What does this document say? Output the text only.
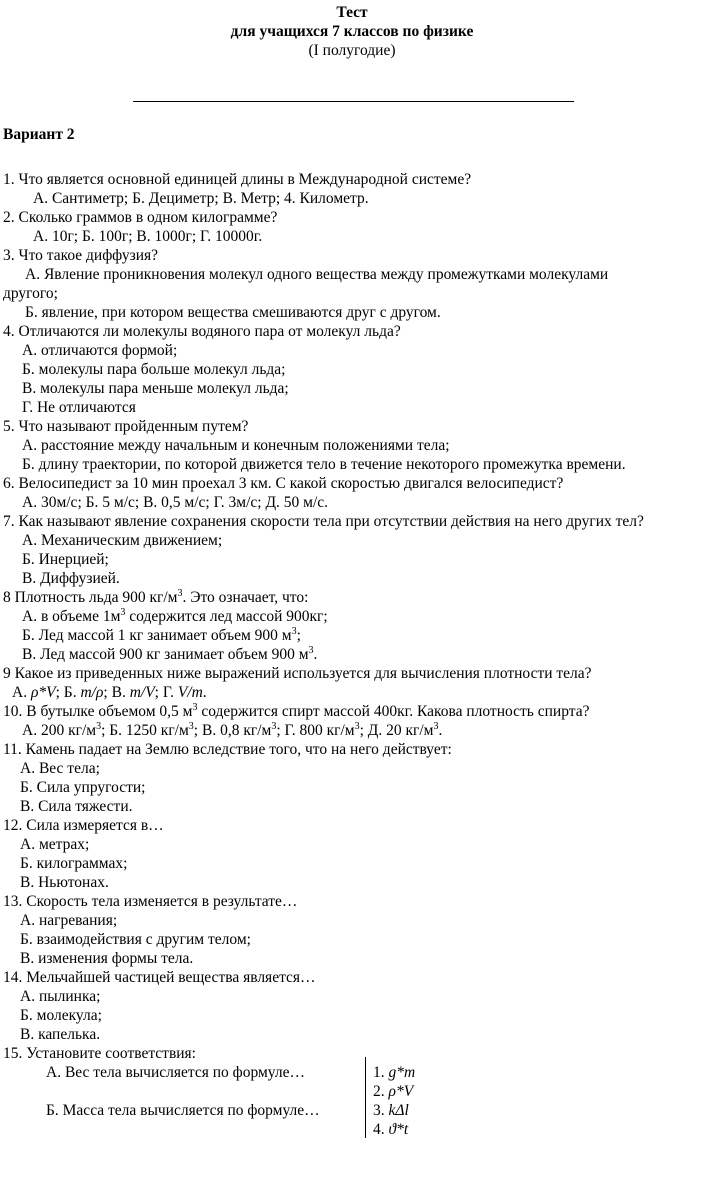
Тест
для учащихся 7 классов по физике
(I полугодие)
Вариант 2
1. Что является основной единицей длины в Международной системе?
А. Сантиметр; Б. Дециметр; В. Метр; 4. Километр.
2. Сколько граммов в одном килограмме?
А. 10г; Б. 100г; В. 1000г; Г. 10000г.
3. Что такое диффузия?
А. Явление проникновения молекул одного вещества между промежутками молекулами
другого;
Б. явление, при котором вещества смешиваются друг с другом.
4. Отличаются ли молекулы водяного пара от молекул льда?
А. отличаются формой;
Б. молекулы пара больше молекул льда;
В. молекулы пара меньше молекул льда;
Г. Не отличаются
5. Что называют пройденным путем?
А. расстояние между начальным и конечным положениями тела;
Б. длину траектории, по которой движется тело в течение некоторого промежутка времени.
6. Велосипедист за 10 мин проехал 3 км. С какой скоростью двигался велосипедист?
А. 30м/с; Б. 5 м/с; В. 0,5 м/с; Г. 3м/с; Д. 50 м/с.
7. Как называют явление сохранения скорости тела при отсутствии действия на него других тел?
А. Механическим движением;
Б. Инерцией;
В. Диффузией.
8 Плотность льда 900 $кг/м^3$. Это означает, что:
А. в объеме $1м^3$ содержится лед массой 900кг;
Б. Лед массой 1 кг занимает объем 900 $м^3$;
В. Лед массой 900 кг занимает объем 900 $м^3$.
9 Какое из приведенных ниже выражений используется для вычисления плотности тела?
А. ρ*V; Б. m/ρ; В. m/V; Г. V/m.
10. В бутылке объемом 0,5 $м^3$ содержится спирт массой 400кг. Какова плотность спирта?
А. 200 $кг/м^3$; Б. 1250 $кг/м^3$; В. 0,8 $кг/м^3$; Г. 800 $кг/м^3$; Д. 20 $кг/м^3$.
11. Камень падает на Землю вследствие того, что на него действует:
А. Вес тела;
Б. Сила упругости;
В. Сила тяжести.
12. Сила измеряется в…
А. метрах;
Б. килограммах;
В. Ньютонах.
13. Скорость тела изменяется в результате…
А. нагревания;
Б. взаимодействия с другим телом;
В. изменения формы тела.
14. Мельчайшей частицей вещества является…
А. пылинка;
Б. молекула;
В. капелька.
15. Установите соответствия:
А. Вес тела вычисляется по формуле…
Б. Масса тела вычисляется по формуле…
1. g*m
2. ρ*V
3. kΔl
4. ϑ*t
